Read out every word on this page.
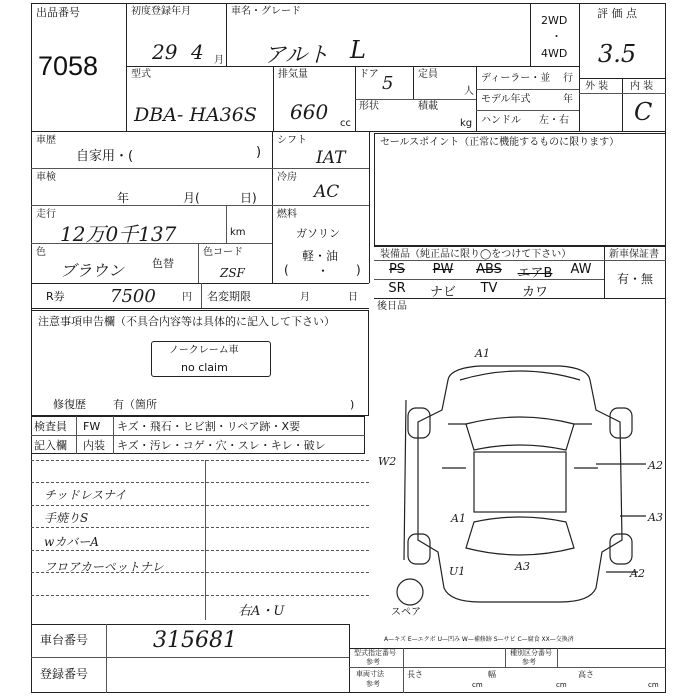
出品番号
7058
初度登録年月
29 4 月
車名・グレード
アルト L
2WD
・
4WD
評 価 点
3.5
外 装 内 装
C
型式
DBA- HA36S
排気量
660 cc
ドア 5 定員
人
形状	積載
kg
ディーラー・並 行
モデル年式	年
ハンドル 左・右
車歴
自家用・(	)
車検
年	月(	日)
走行
12万0千137	km
色
ブラウン	色替
色コード
ZSF
シフト
IAT
冷房
AC
燃料
ガソリン
軽・油
( ・ )
セールスポイント（正常に機能するものに限ります）
装備品（純正品に限り◯をつけて下さい）	新車保証書
有・無
PS	PW	ABS	エアB	AW
SR	ナビ	TV	カワ
後日品
R券	7500	円 名変期限	月	日
注意事項申告欄（不具合内容等は具体的に記入して下さい）
ノークレーム車
no claim
修復歴 有（箇所	)
検査員 FW キズ・飛石・ヒビ割・リペア跡・X要
記入欄 内装 キズ・汚レ・コゲ・穴・スレ・キレ・破レ
チッドレスナイ
手焼りS
wカバーA
フロアカーペットナレ
右A・U
A1
A2
A3
A2
A1
U1	A3
W2
スペア
A—キズ E—エクボ U—凹み W—補修跡 S—サビ C—腐食 XX—交換済
車台番号	315681
登録番号
型式指定番号
参考
種別区分番号
参考
車両寸法
参考
長さ
cm
幅
cm
高さ
cm
